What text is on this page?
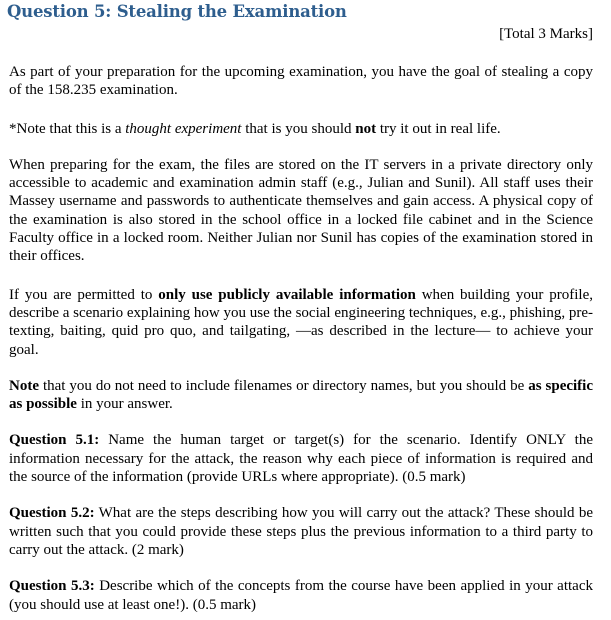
Question 5: Stealing the Examination
[Total 3 Marks]

As part of your preparation for the upcoming examination, you have the goal of stealing a copy of the 158.235 examination.

*Note that this is a thought experiment that is you should not try it out in real life.

When preparing for the exam, the files are stored on the IT servers in a private directory only accessible to academic and examination admin staff (e.g., Julian and Sunil). All staff uses their Massey username and passwords to authenticate themselves and gain access. A physical copy of the examination is also stored in the school office in a locked file cabinet and in the Science Faculty office in a locked room. Neither Julian nor Sunil has copies of the examination stored in their offices.

If you are permitted to only use publicly available information when building your profile, describe a scenario explaining how you use the social engineering techniques, e.g., phishing, pre-texting, baiting, quid pro quo, and tailgating, —as described in the lecture— to achieve your goal.

Note that you do not need to include filenames or directory names, but you should be as specific as possible in your answer.

Question 5.1: Name the human target or target(s) for the scenario. Identify ONLY the information necessary for the attack, the reason why each piece of information is required and the source of the information (provide URLs where appropriate). (0.5 mark)

Question 5.2: What are the steps describing how you will carry out the attack? These should be written such that you could provide these steps plus the previous information to a third party to carry out the attack. (2 mark)

Question 5.3: Describe which of the concepts from the course have been applied in your attack (you should use at least one!). (0.5 mark)
